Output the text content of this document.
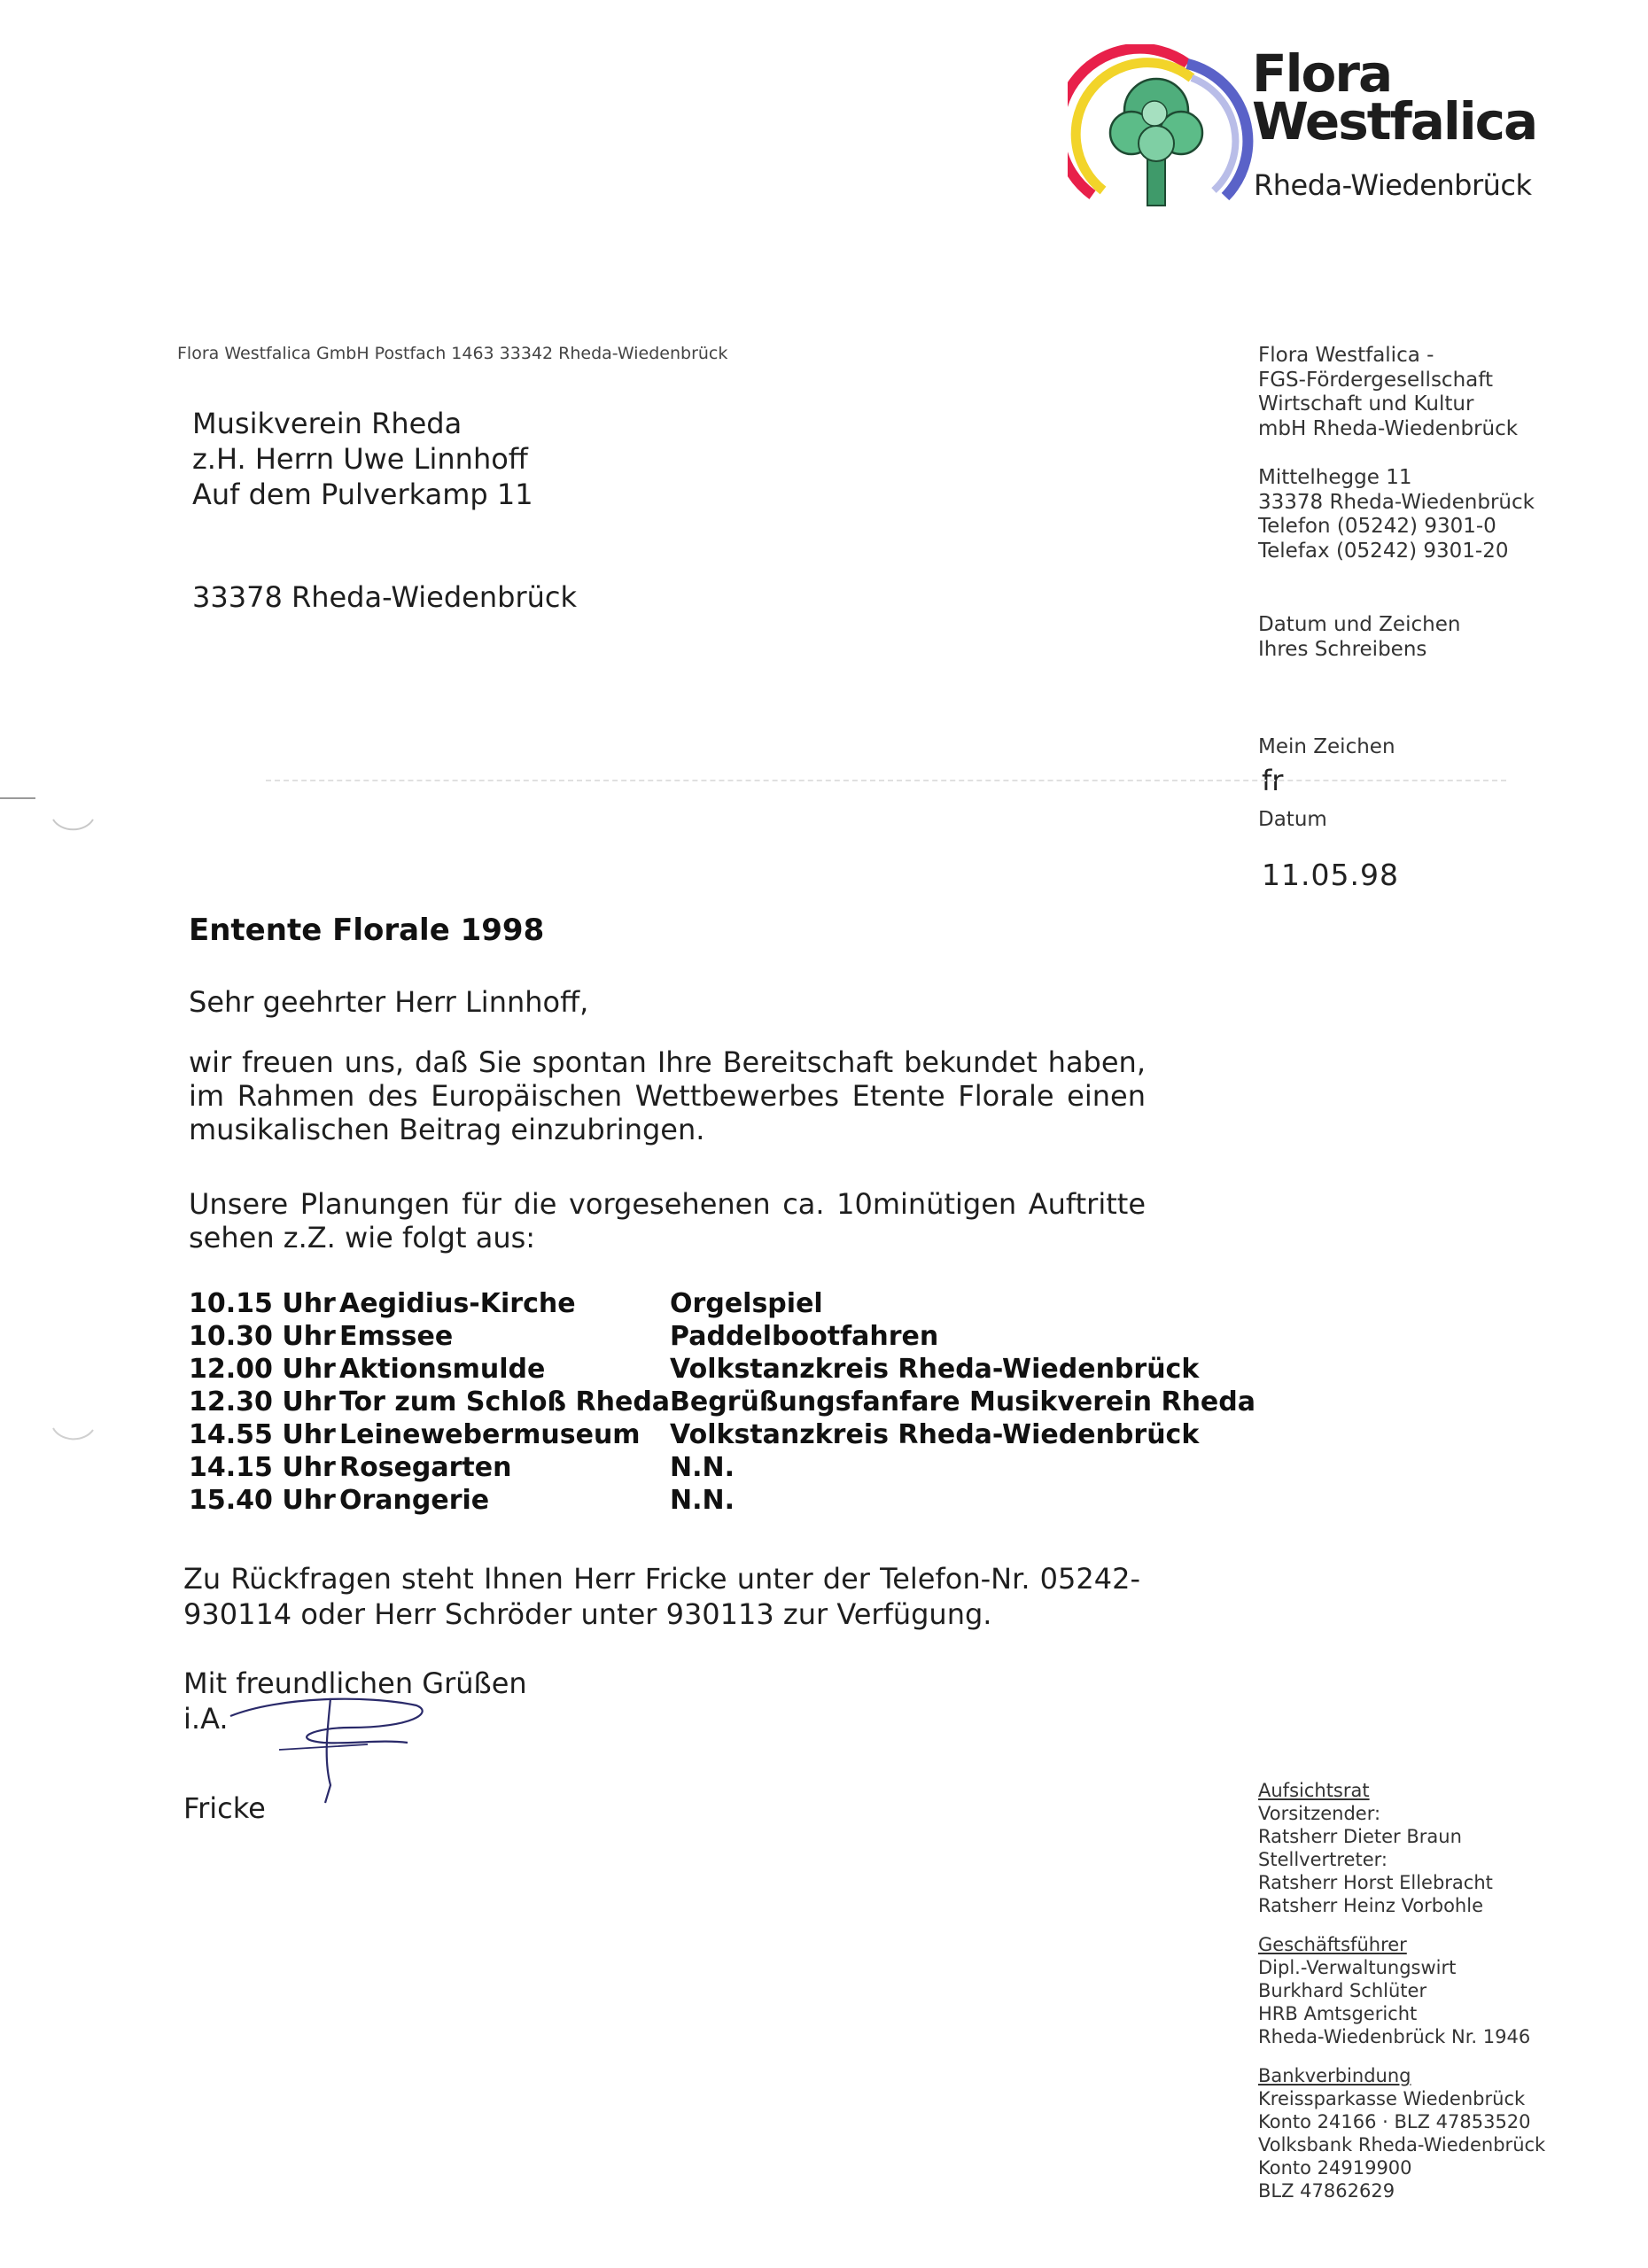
Flora
Westfalica
Rheda-Wiedenbrück
Flora Westfalica GmbH Postfach 1463 33342 Rheda-Wiedenbrück
Musikverein Rheda
z.H. Herrn Uwe Linnhoff
Auf dem Pulverkamp 11
33378 Rheda-Wiedenbrück
Flora Westfalica -
FGS-Fördergesellschaft
Wirtschaft und Kultur
mbH Rheda-Wiedenbrück
Mittelhegge 11
33378 Rheda-Wiedenbrück
Telefon (05242) 9301-0
Telefax (05242) 9301-20
Datum und Zeichen
Ihres Schreibens
Mein Zeichen
fr
Datum
11.05.98
Entente Florale 1998
Sehr geehrter Herr Linnhoff,
wir freuen uns, daß Sie spontan Ihre Bereitschaft bekundet haben, im Rahmen des Europäischen Wettbewerbes Etente Florale einen musikalischen Beitrag einzubringen.
Unsere Planungen für die vorgesehenen ca. 10minütigen Auftritte sehen z.Z. wie folgt aus:
10.15 Uhr	Aegidius-Kirche	Orgelspiel
10.30 Uhr	Emssee	Paddelbootfahren
12.00 Uhr	Aktionsmulde	Volkstanzkreis Rheda-Wiedenbrück
12.30 Uhr	Tor zum Schloß Rheda	Begrüßungsfanfare Musikverein Rheda
14.55 Uhr	Leinewebermuseum	Volkstanzkreis Rheda-Wiedenbrück
14.15 Uhr	Rosegarten	N.N.
15.40 Uhr	Orangerie	N.N.
Zu Rückfragen steht Ihnen Herr Fricke unter der Telefon-Nr. 05242-930114 oder Herr Schröder unter 930113 zur Verfügung.
Mit freundlichen Grüßen
i.A.
Fricke
Aufsichtsrat
Vorsitzender:
Ratsherr Dieter Braun
Stellvertreter:
Ratsherr Horst Ellebracht
Ratsherr Heinz Vorbohle
Geschäftsführer
Dipl.-Verwaltungswirt
Burkhard Schlüter
HRB Amtsgericht
Rheda-Wiedenbrück Nr. 1946
Bankverbindung
Kreissparkasse Wiedenbrück
Konto 24166 · BLZ 47853520
Volksbank Rheda-Wiedenbrück
Konto 24919900
BLZ 47862629
